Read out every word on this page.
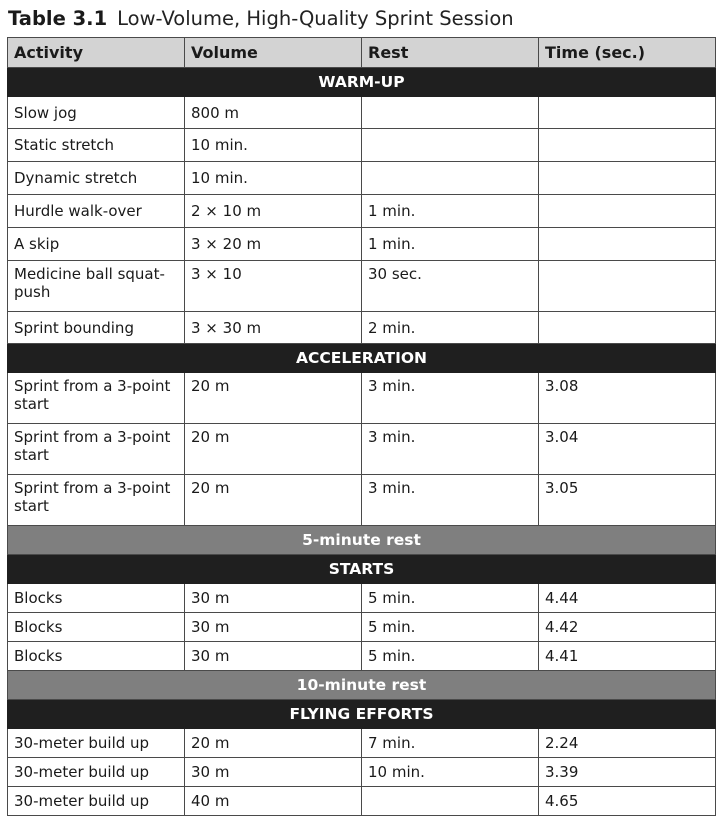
Table 3.1 Low-Volume, High-Quality Sprint Session
Activity	Volume	Rest	Time (sec.)
WARM-UP			
Slow jog	800 m		
Static stretch	10 min.		
Dynamic stretch	10 min.		
Hurdle walk-over	2 × 10 m	1 min.	
A skip	3 × 20 m	1 min.	
Medicine ball squat-push	3 × 10	30 sec.	
Sprint bounding	3 × 30 m	2 min.	
ACCELERATION			
Sprint from a 3-point start	20 m	3 min.	3.08
Sprint from a 3-point start	20 m	3 min.	3.04
Sprint from a 3-point start	20 m	3 min.	3.05
5-minute rest			
STARTS			
Blocks	30 m	5 min.	4.44
Blocks	30 m	5 min.	4.42
Blocks	30 m	5 min.	4.41
10-minute rest			
FLYING EFFORTS			
30-meter build up	20 m	7 min.	2.24
30-meter build up	30 m	10 min.	3.39
30-meter build up	40 m		4.65
